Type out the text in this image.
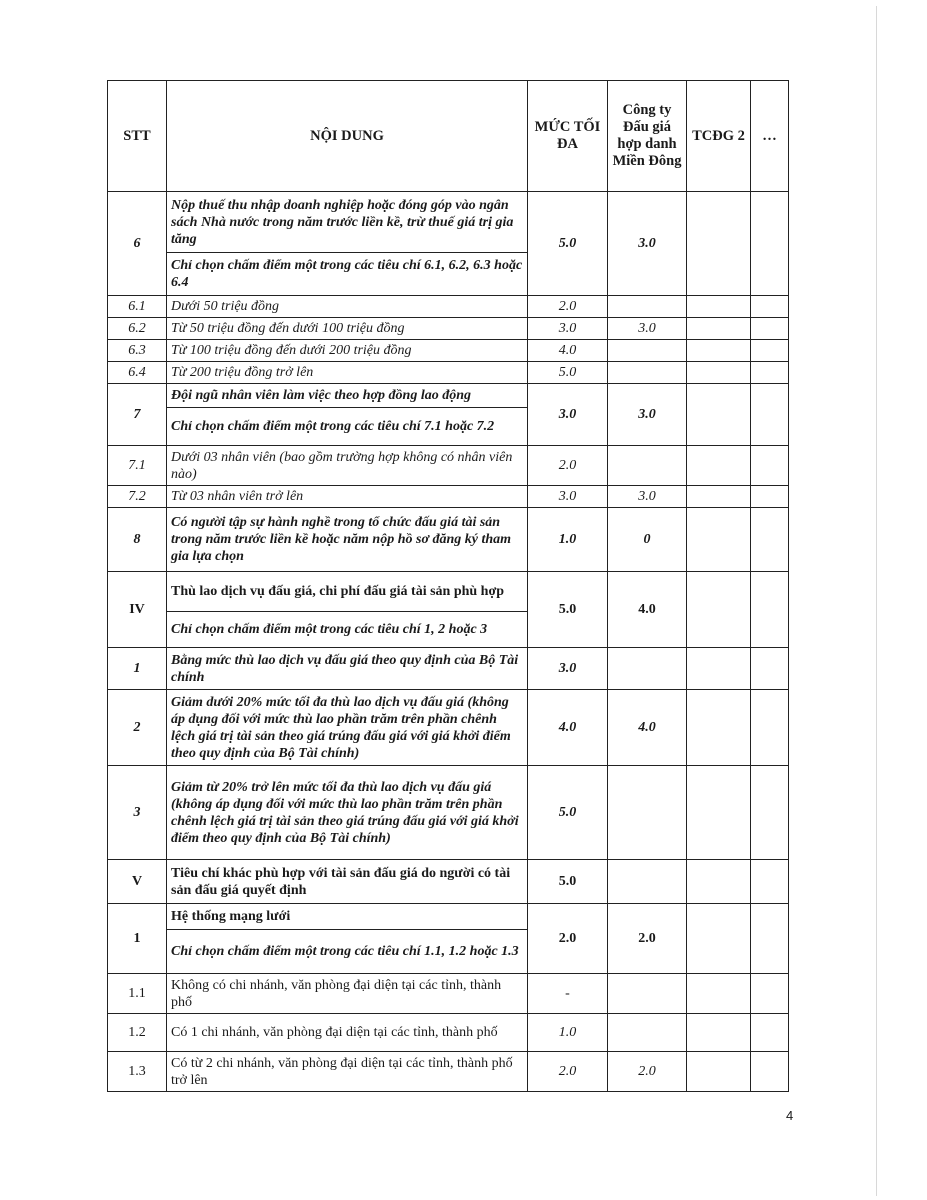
STT	NỘI DUNG	MỨC TỐI ĐA	Công ty Đấu giá hợp danh Miền Đông	TCĐG 2	…
6	Nộp thuế thu nhập doanh nghiệp hoặc đóng góp vào ngân sách Nhà nước trong năm trước liền kề, trừ thuế giá trị gia tăng	5.0	3.0		
	Chỉ chọn chấm điểm một trong các tiêu chí 6.1, 6.2, 6.3 hoặc 6.4				
6.1	Dưới 50 triệu đồng	2.0			
6.2	Từ 50 triệu đồng đến dưới 100 triệu đồng	3.0	3.0		
6.3	Từ 100 triệu đồng đến dưới 200 triệu đồng	4.0			
6.4	Từ 200 triệu đồng trở lên	5.0			
7	Đội ngũ nhân viên làm việc theo hợp đồng lao động	3.0	3.0		
	Chỉ chọn chấm điểm một trong các tiêu chí 7.1 hoặc 7.2				
7.1	Dưới 03 nhân viên (bao gồm trường hợp không có nhân viên nào)	2.0			
7.2	Từ 03 nhân viên trở lên	3.0	3.0		
8	Có người tập sự hành nghề trong tổ chức đấu giá tài sản trong năm trước liền kề hoặc năm nộp hồ sơ đăng ký tham gia lựa chọn	1.0	0		
IV	Thù lao dịch vụ đấu giá, chi phí đấu giá tài sản phù hợp	5.0	4.0		
	Chỉ chọn chấm điểm một trong các tiêu chí 1, 2 hoặc 3				
1	Bằng mức thù lao dịch vụ đấu giá theo quy định của Bộ Tài chính	3.0			
2	Giảm dưới 20% mức tối đa thù lao dịch vụ đấu giá (không áp dụng đối với mức thù lao phần trăm trên phần chênh lệch giá trị tài sản theo giá trúng đấu giá với giá khởi điểm theo quy định của Bộ Tài chính)	4.0	4.0		
3	Giảm từ 20% trở lên mức tối đa thù lao dịch vụ đấu giá (không áp dụng đối với mức thù lao phần trăm trên phần chênh lệch giá trị tài sản theo giá trúng đấu giá với giá khởi điểm theo quy định của Bộ Tài chính)	5.0			
V	Tiêu chí khác phù hợp với tài sản đấu giá do người có tài sản đấu giá quyết định	5.0			
1	Hệ thống mạng lưới	2.0	2.0		
	Chỉ chọn chấm điểm một trong các tiêu chí 1.1, 1.2 hoặc 1.3				
1.1	Không có chi nhánh, văn phòng đại diện tại các tỉnh, thành phố	-			
1.2	Có 1 chi nhánh, văn phòng đại diện tại các tỉnh, thành phố	1.0			
1.3	Có từ 2 chi nhánh, văn phòng đại diện tại các tỉnh, thành phố trở lên	2.0	2.0		
4
